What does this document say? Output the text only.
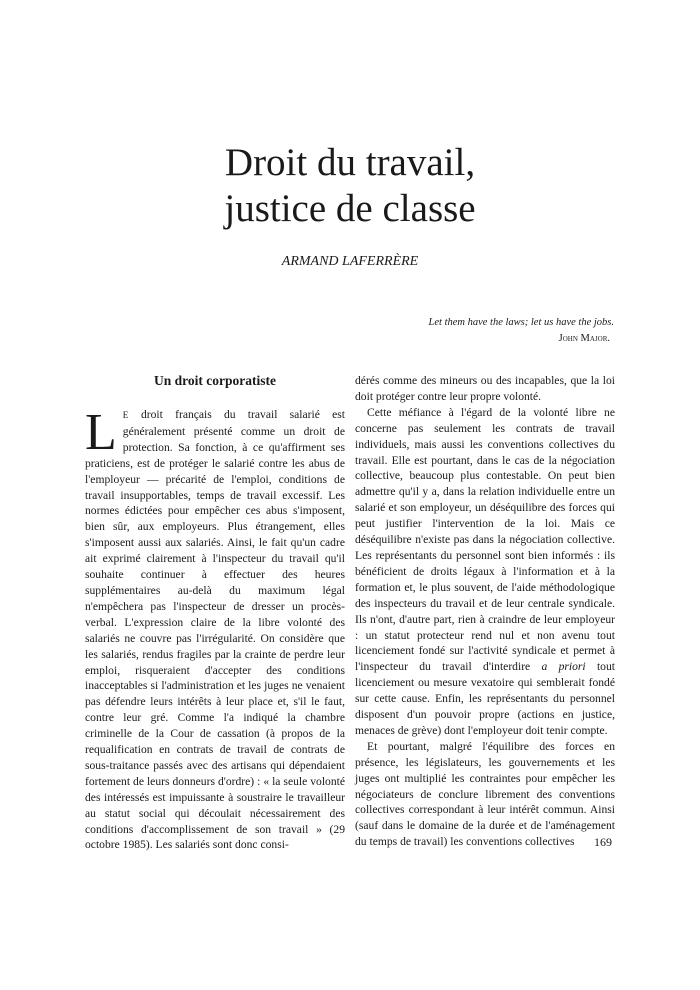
Droit du travail,
justice de classe

ARMAND LAFERRÈRE

Let them have the laws; let us have the jobs.
John Major.
Un droit corporatiste

LE droit français du travail salarié est généralement présenté comme un droit de protection. Sa fonction, à ce qu'affirment ses praticiens, est de protéger le salarié contre les abus de l'employeur — précarité de l'emploi, conditions de travail insupportables, temps de travail excessif. Les normes édictées pour empêcher ces abus s'imposent, bien sûr, aux employeurs. Plus étrangement, elles s'imposent aussi aux salariés. Ainsi, le fait qu'un cadre ait exprimé clairement à l'inspecteur du travail qu'il souhaite continuer à effectuer des heures supplémentaires au-delà du maximum légal n'empêchera pas l'inspecteur de dresser un procès-verbal. L'expression claire de la libre volonté des salariés ne couvre pas l'irrégularité. On considère que les salariés, rendus fragiles par la crainte de perdre leur emploi, risqueraient d'accepter des conditions inacceptables si l'administration et les juges ne venaient pas défendre leurs intérêts à leur place et, s'il le faut, contre leur gré. Comme l'a indiqué la chambre criminelle de la Cour de cassation (à propos de la requalification en contrats de travail de contrats de sous-traitance passés avec des artisans qui dépendaient fortement de leurs donneurs d'ordre) : « la seule volonté des intéressés est impuissante à soustraire le travailleur au statut social qui découlait nécessairement des conditions d'accomplissement de son travail » (29 octobre 1985). Les salariés sont donc consi-

dérés comme des mineurs ou des incapables, que la loi doit protéger contre leur propre volonté.

Cette méfiance à l'égard de la volonté libre ne concerne pas seulement les contrats de travail individuels, mais aussi les conventions collectives du travail. Elle est pourtant, dans le cas de la négociation collective, beaucoup plus contestable. On peut bien admettre qu'il y a, dans la relation individuelle entre un salarié et son employeur, un déséquilibre des forces qui peut justifier l'intervention de la loi. Mais ce déséquilibre n'existe pas dans la négociation collective. Les représentants du personnel sont bien informés : ils bénéficient de droits légaux à l'information et à la formation et, le plus souvent, de l'aide méthodologique des inspecteurs du travail et de leur centrale syndicale. Ils n'ont, d'autre part, rien à craindre de leur employeur : un statut protecteur rend nul et non avenu tout licenciement fondé sur l'activité syndicale et permet à l'inspecteur du travail d'interdire a priori tout licenciement ou mesure vexatoire qui semblerait fondé sur cette cause. Enfin, les représentants du personnel disposent d'un pouvoir propre (actions en justice, menaces de grève) dont l'employeur doit tenir compte.

Et pourtant, malgré l'équilibre des forces en présence, les législateurs, les gouvernements et les juges ont multiplié les contraintes pour empêcher les négociateurs de conclure librement des conventions collectives correspondant à leur intérêt commun. Ainsi (sauf dans le domaine de la durée et de l'aménagement du temps de travail) les conventions collectives	169
